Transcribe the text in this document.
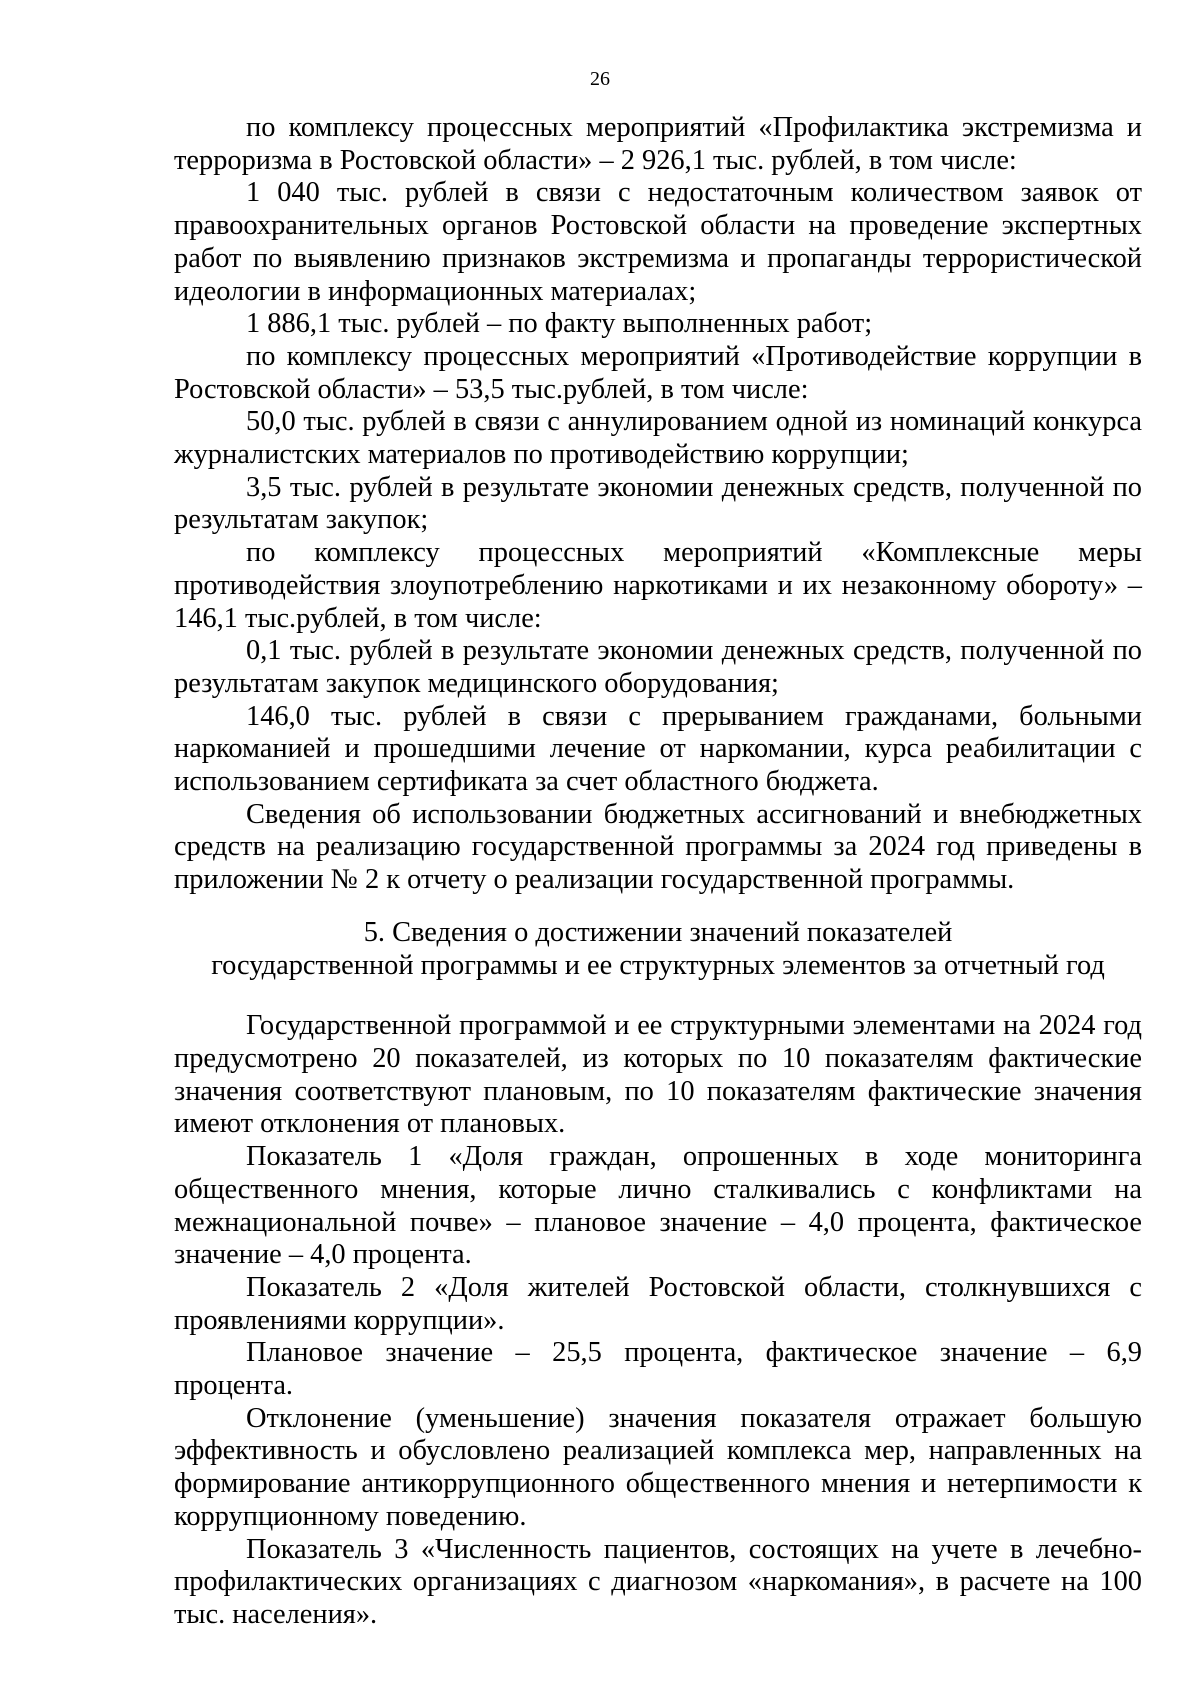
26

по комплексу процессных мероприятий «Профилактика экстремизма и терроризма в Ростовской области» – 2 926,1 тыс. рублей, в том числе:

1 040 тыс. рублей в связи с недостаточным количеством заявок от правоохранительных органов Ростовской области на проведение экспертных работ по выявлению признаков экстремизма и пропаганды террористической идеологии в информационных материалах;

1 886,1 тыс. рублей – по факту выполненных работ;

по комплексу процессных мероприятий «Противодействие коррупции в Ростовской области» – 53,5 тыс.рублей, в том числе:

50,0 тыс. рублей в связи с аннулированием одной из номинаций конкурса журналистских материалов по противодействию коррупции;

3,5 тыс. рублей в результате экономии денежных средств, полученной по результатам закупок;

по комплексу процессных мероприятий «Комплексные меры противодействия злоупотреблению наркотиками и их незаконному обороту» – 146,1 тыс.рублей, в том числе:

0,1 тыс. рублей в результате экономии денежных средств, полученной по результатам закупок медицинского оборудования;

146,0 тыс. рублей в связи с прерыванием гражданами, больными наркоманией и прошедшими лечение от наркомании, курса реабилитации с использованием сертификата за счет областного бюджета.

Сведения об использовании бюджетных ассигнований и внебюджетных средств на реализацию государственной программы за 2024 год приведены в приложении № 2 к отчету о реализации государственной программы.

5. Сведения о достижении значений показателей
государственной программы и ее структурных элементов за отчетный год

Государственной программой и ее структурными элементами на 2024 год предусмотрено 20 показателей, из которых по 10 показателям фактические значения соответствуют плановым, по 10 показателям фактические значения имеют отклонения от плановых.

Показатель 1 «Доля граждан, опрошенных в ходе мониторинга общественного мнения, которые лично сталкивались с конфликтами на межнациональной почве» – плановое значение – 4,0 процента, фактическое значение – 4,0 процента.

Показатель 2 «Доля жителей Ростовской области, столкнувшихся с проявлениями коррупции».

Плановое значение – 25,5 процента, фактическое значение – 6,9 процента.

Отклонение (уменьшение) значения показателя отражает большую эффективность и обусловлено реализацией комплекса мер, направленных на формирование антикоррупционного общественного мнения и нетерпимости к коррупционному поведению.

Показатель 3 «Численность пациентов, состоящих на учете в лечебно-профилактических организациях с диагнозом «наркомания», в расчете на 100 тыс. населения».
